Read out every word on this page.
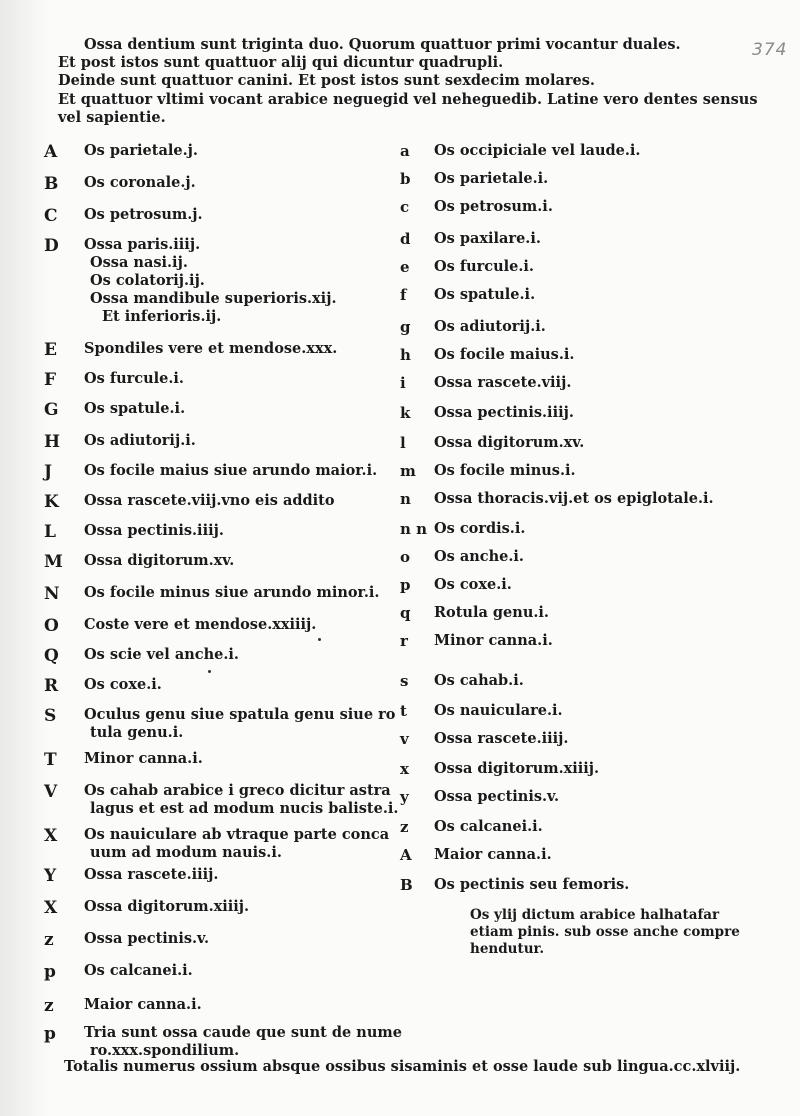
374
Ossa dentium sunt triginta duo. Quorum quattuor primi vocantur duales.
Et post istos sunt quattuor alij qui dicuntur quadrupli.
Deinde sunt quattuor canini. Et post istos sunt sexdecim molares.
Et quattuor vltimi vocant arabice neguegid vel neheguedib. Latine vero dentes sensus
vel sapientie.
A	Os parietale.j.
B	Os coronale.j.
C	Os petrosum.j.
D	Ossa paris.iiij.
Ossa nasi.ij.
Os colatorij.ij.
Ossa mandibule superioris.xij.
Et inferioris.ij.
E	Spondiles vere et mendose.xxx.
F	Os furcule.i.
G	Os spatule.i.
H	Os adiutorij.i.
J	Os focile maius siue arundo maior.i.
K	Ossa rascete.viij.vno eis addito
L	Ossa pectinis.iiij.
M	Ossa digitorum.xv.
N	Os focile minus siue arundo minor.i.
O	Coste vere et mendose.xxiiij.
Q	Os scie vel anche.i.
R	Os coxe.i.
S	Oculus genu siue spatula genu siue ro
tula genu.i.
T	Minor canna.i.
V	Os cahab arabice i greco dicitur astra
lagus et est ad modum nucis baliste.i.
X	Os nauiculare ab vtraque parte conca
uum ad modum nauis.i.
Y	Ossa rascete.iiij.
X	Ossa digitorum.xiiij.
z	Ossa pectinis.v.
p	Os calcanei.i.
z	Maior canna.i.
p	Tria sunt ossa caude que sunt de nume
ro.xxx.spondilium.
a	Os occipiciale vel laude.i.
b	Os parietale.i.
c	Os petrosum.i.
d	Os paxilare.i.
e	Os furcule.i.
f	Os spatule.i.
g	Os adiutorij.i.
h	Os focile maius.i.
i	Ossa rascete.viij.
k	Ossa pectinis.iiij.
l	Ossa digitorum.xv.
m	Os focile minus.i.
n	Ossa thoracis.vij.et os epiglotale.i.
n n Os cordis.i.
o	Os anche.i.
p	Os coxe.i.
q	Rotula genu.i.
r	Minor canna.i.
s	Os cahab.i.
t	Os nauiculare.i.
v	Ossa rascete.iiij.
x	Ossa digitorum.xiiij.
y	Ossa pectinis.v.
z	Os calcanei.i.
A	Maior canna.i.
B	Os pectinis seu femoris.
Os ylij dictum arabice halhatafar
etiam pinis. sub osse anche compre
hendutur.
Totalis numerus ossium absque ossibus sisaminis et osse laude sub lingua.cc.xlviij.
